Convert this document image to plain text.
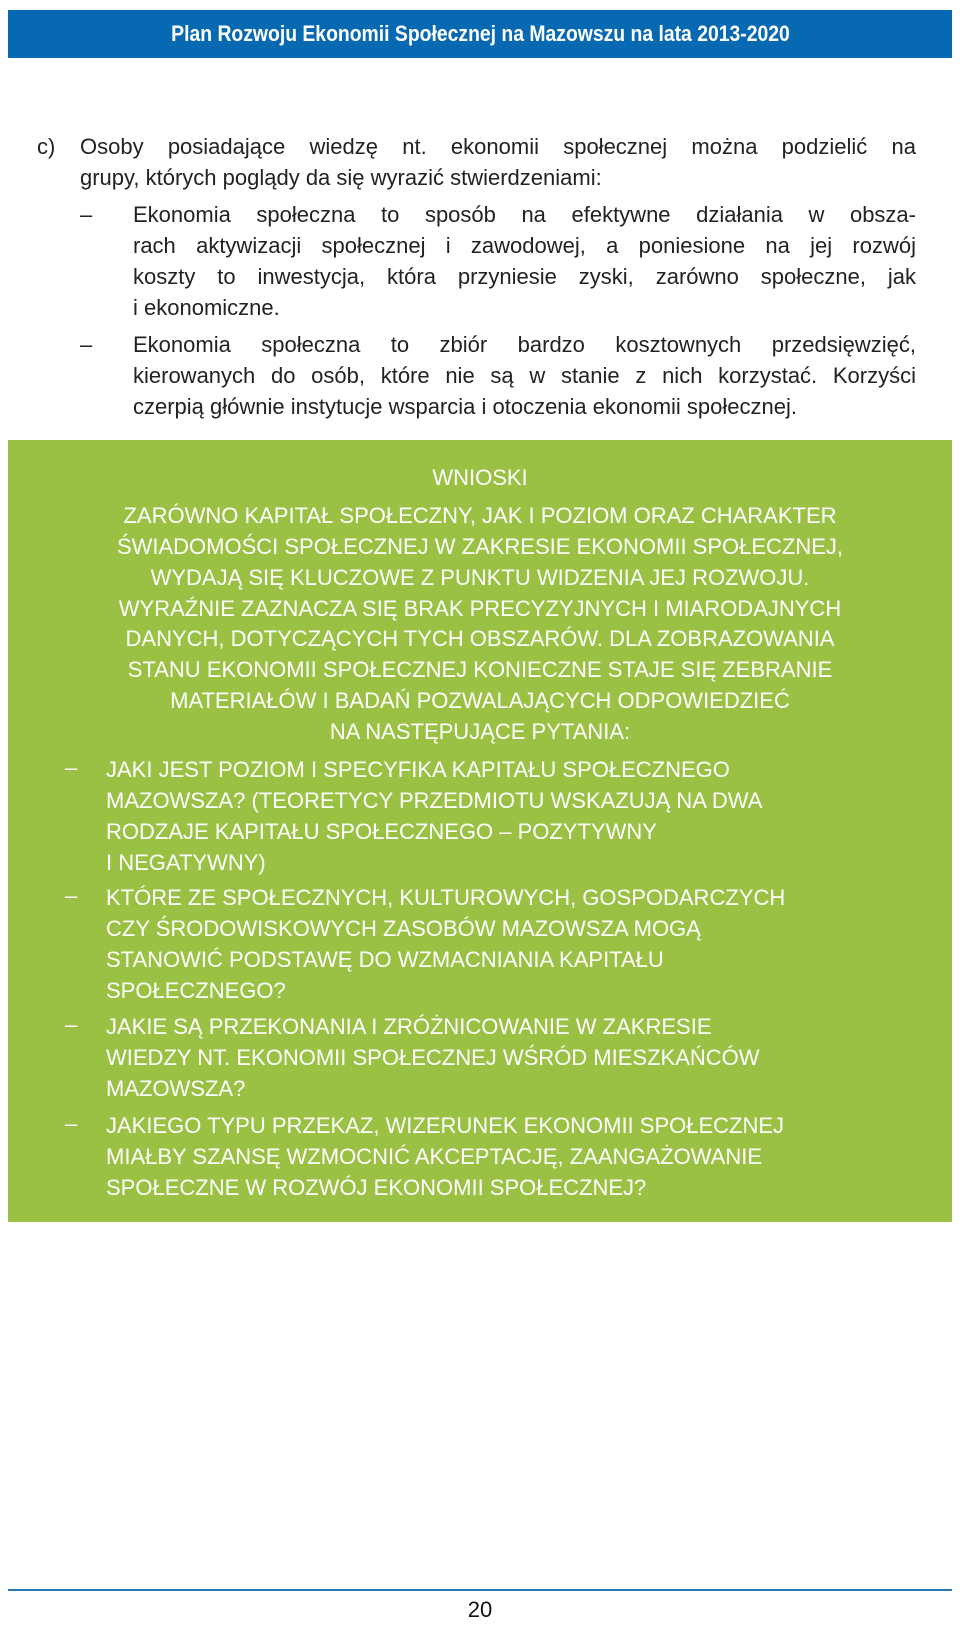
Plan Rozwoju Ekonomii Społecznej na Mazowszu na lata 2013-2020
c) Osoby posiadające wiedzę nt. ekonomii społecznej można podzielić na
grupy, których poglądy da się wyrazić stwierdzeniami:
– Ekonomia społeczna to sposób na efektywne działania w obsza-
rach aktywizacji społecznej i zawodowej, a poniesione na jej rozwój
koszty to inwestycja, która przyniesie zyski, zarówno społeczne, jak
i ekonomiczne.
– Ekonomia społeczna to zbiór bardzo kosztownych przedsięwzięć,
kierowanych do osób, które nie są w stanie z nich korzystać. Korzyści
czerpią głównie instytucje wsparcia i otoczenia ekonomii społecznej.
WNIOSKI
ZARÓWNO KAPITAŁ SPOŁECZNY, JAK I POZIOM ORAZ CHARAKTER
ŚWIADOMOŚCI SPOŁECZNEJ W ZAKRESIE EKONOMII SPOŁECZNEJ,
WYDAJĄ SIĘ KLUCZOWE Z PUNKTU WIDZENIA JEJ ROZWOJU.
WYRAŹNIE ZAZNACZA SIĘ BRAK PRECYZYJNYCH I MIARODAJNYCH
DANYCH, DOTYCZĄCYCH TYCH OBSZARÓW. DLA ZOBRAZOWANIA
STANU EKONOMII SPOŁECZNEJ KONIECZNE STAJE SIĘ ZEBRANIE
MATERIAŁÓW I BADAŃ POZWALAJĄCYCH ODPOWIEDZIEĆ
NA NASTĘPUJĄCE PYTANIA:
– JAKI JEST POZIOM I SPECYFIKA KAPITAŁU SPOŁECZNEGO
MAZOWSZA? (TEORETYCY PRZEDMIOTU WSKAZUJĄ NA DWA
RODZAJE KAPITAŁU SPOŁECZNEGO – POZYTYWNY
I NEGATYWNY)
– KTÓRE ZE SPOŁECZNYCH, KULTUROWYCH, GOSPODARCZYCH
CZY ŚRODOWISKOWYCH ZASOBÓW MAZOWSZA MOGĄ
STANOWIĆ PODSTAWĘ DO WZMACNIANIA KAPITAŁU
SPOŁECZNEGO?
– JAKIE SĄ PRZEKONANIA I ZRÓŻNICOWANIE W ZAKRESIE
WIEDZY NT. EKONOMII SPOŁECZNEJ WŚRÓD MIESZKAŃCÓW
MAZOWSZA?
– JAKIEGO TYPU PRZEKAZ, WIZERUNEK EKONOMII SPOŁECZNEJ
MIAŁBY SZANSĘ WZMOCNIĆ AKCEPTACJĘ, ZAANGAŻOWANIE
SPOŁECZNE W ROZWÓJ EKONOMII SPOŁECZNEJ?
20
